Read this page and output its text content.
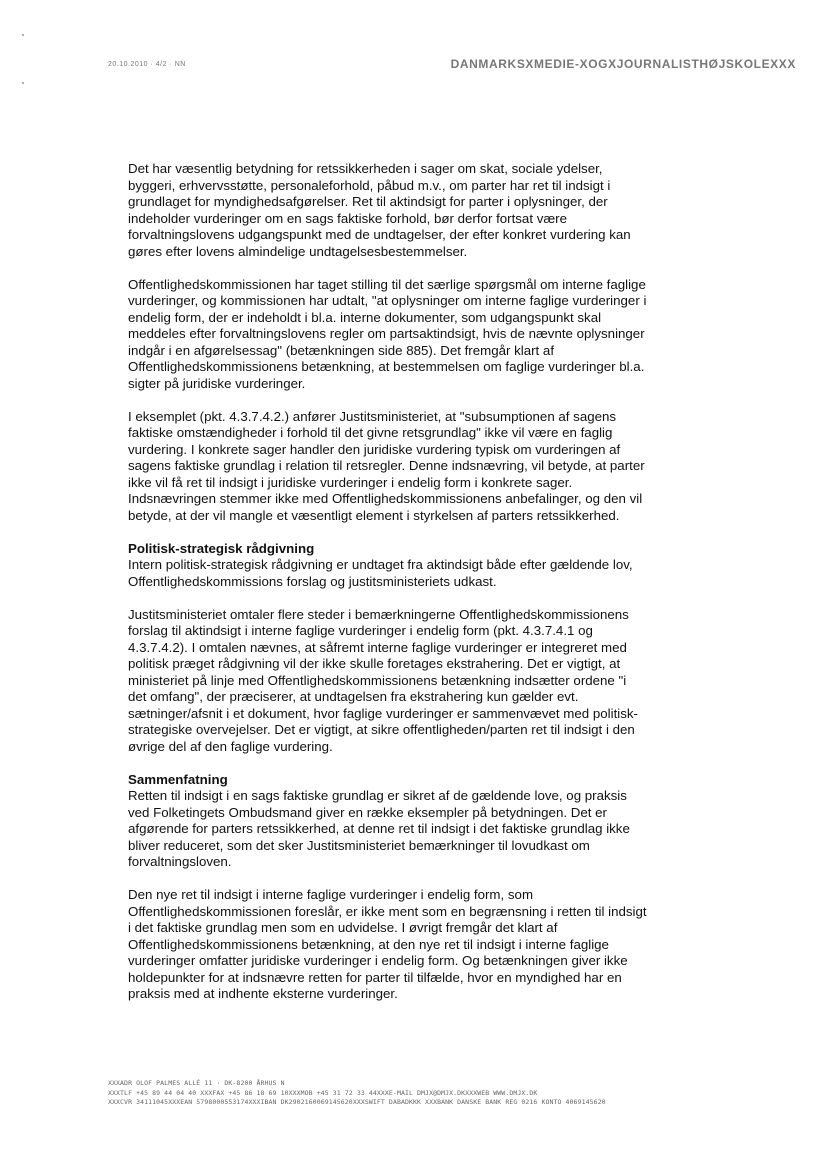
20.10.2010 · 4/2 · NN	DANMARKSXMEDIE-XOGXJOURNALISTHØJSKOLEXXX

Det har væsentlig betydning for retssikkerheden i sager om skat, sociale ydelser, byggeri, erhvervsstøtte, personaleforhold, påbud m.v., om parter har ret til indsigt i grundlaget for myndighedsafgørelser. Ret til aktindsigt for parter i oplysninger, der indeholder vurderinger om en sags faktiske forhold, bør derfor fortsat være forvaltningslovens udgangspunkt med de undtagelser, der efter konkret vurdering kan gøres efter lovens almindelige undtagelsesbestemmelser.

Offentlighedskommissionen har taget stilling til det særlige spørgsmål om interne faglige vurderinger, og kommissionen har udtalt, "at oplysninger om interne faglige vurderinger i endelig form, der er indeholdt i bl.a. interne dokumenter, som udgangspunkt skal meddeles efter forvaltningslovens regler om partsaktindsigt, hvis de nævnte oplysninger indgår i en afgørelsessag" (betænkningen side 885). Det fremgår klart af Offentlighedskommissionens betænkning, at bestemmelsen om faglige vurderinger bl.a. sigter på juridiske vurderinger.

I eksemplet (pkt. 4.3.7.4.2.) anfører Justitsministeriet, at "subsumptionen af sagens faktiske omstændigheder i forhold til det givne retsgrundlag" ikke vil være en faglig vurdering. I konkrete sager handler den juridiske vurdering typisk om vurderingen af sagens faktiske grundlag i relation til retsregler. Denne indsnævring, vil betyde, at parter ikke vil få ret til indsigt i juridiske vurderinger i endelig form i konkrete sager. Indsnævringen stemmer ikke med Offentlighedskommissionens anbefalinger, og den vil betyde, at der vil mangle et væsentligt element i styrkelsen af parters retssikkerhed.

Politisk-strategisk rådgivning

Intern politisk-strategisk rådgivning er undtaget fra aktindsigt både efter gældende lov, Offentlighedskommissions forslag og justitsministeriets udkast.

Justitsministeriet omtaler flere steder i bemærkningerne Offentlighedskommissionens forslag til aktindsigt i interne faglige vurderinger i endelig form (pkt. 4.3.7.4.1 og 4.3.7.4.2). I omtalen nævnes, at såfremt interne faglige vurderinger er integreret med politisk præget rådgivning vil der ikke skulle foretages ekstrahering. Det er vigtigt, at ministeriet på linje med Offentlighedskommissionens betænkning indsætter ordene "i det omfang", der præciserer, at undtagelsen fra ekstrahering kun gælder evt. sætninger/afsnit i et dokument, hvor faglige vurderinger er sammenvævet med politisk-strategiske overvejelser. Det er vigtigt, at sikre offentligheden/parten ret til indsigt i den øvrige del af den faglige vurdering.

Sammenfatning

Retten til indsigt i en sags faktiske grundlag er sikret af de gældende love, og praksis ved Folketingets Ombudsmand giver en række eksempler på betydningen. Det er afgørende for parters retssikkerhed, at denne ret til indsigt i det faktiske grundlag ikke bliver reduceret, som det sker Justitsministeriet bemærkninger til lovudkast om forvaltningsloven.

Den nye ret til indsigt i interne faglige vurderinger i endelig form, som Offentlighedskommissionen foreslår, er ikke ment som en begrænsning i retten til indsigt i det faktiske grundlag men som en udvidelse. I øvrigt fremgår det klart af Offentlighedskommissionens betænkning, at den nye ret til indsigt i interne faglige vurderinger omfatter juridiske vurderinger i endelig form. Og betænkningen giver ikke holdepunkter for at indsnævre retten for parter til tilfælde, hvor en myndighed har en praksis med at indhente eksterne vurderinger.

XXXADR OLOF PALMES ALLÉ 11 · DK-8200 ÅRHUS N
XXXTLF +45 89 44 04 40 XXXFAX +45 86 18 69 10XXXMOB +45 31 72 33 44XXXE-MAIL DMJX@DMJX.DKXXXWEB WWW.DMJX.DK
XXXCVR 34111045XXXEAN 5798000553174XXXIBAN DK2902160069145620XXXSWIFT DABADKKK XXXBANK DANSKE BANK REG 0216 KONTO 4069145620
